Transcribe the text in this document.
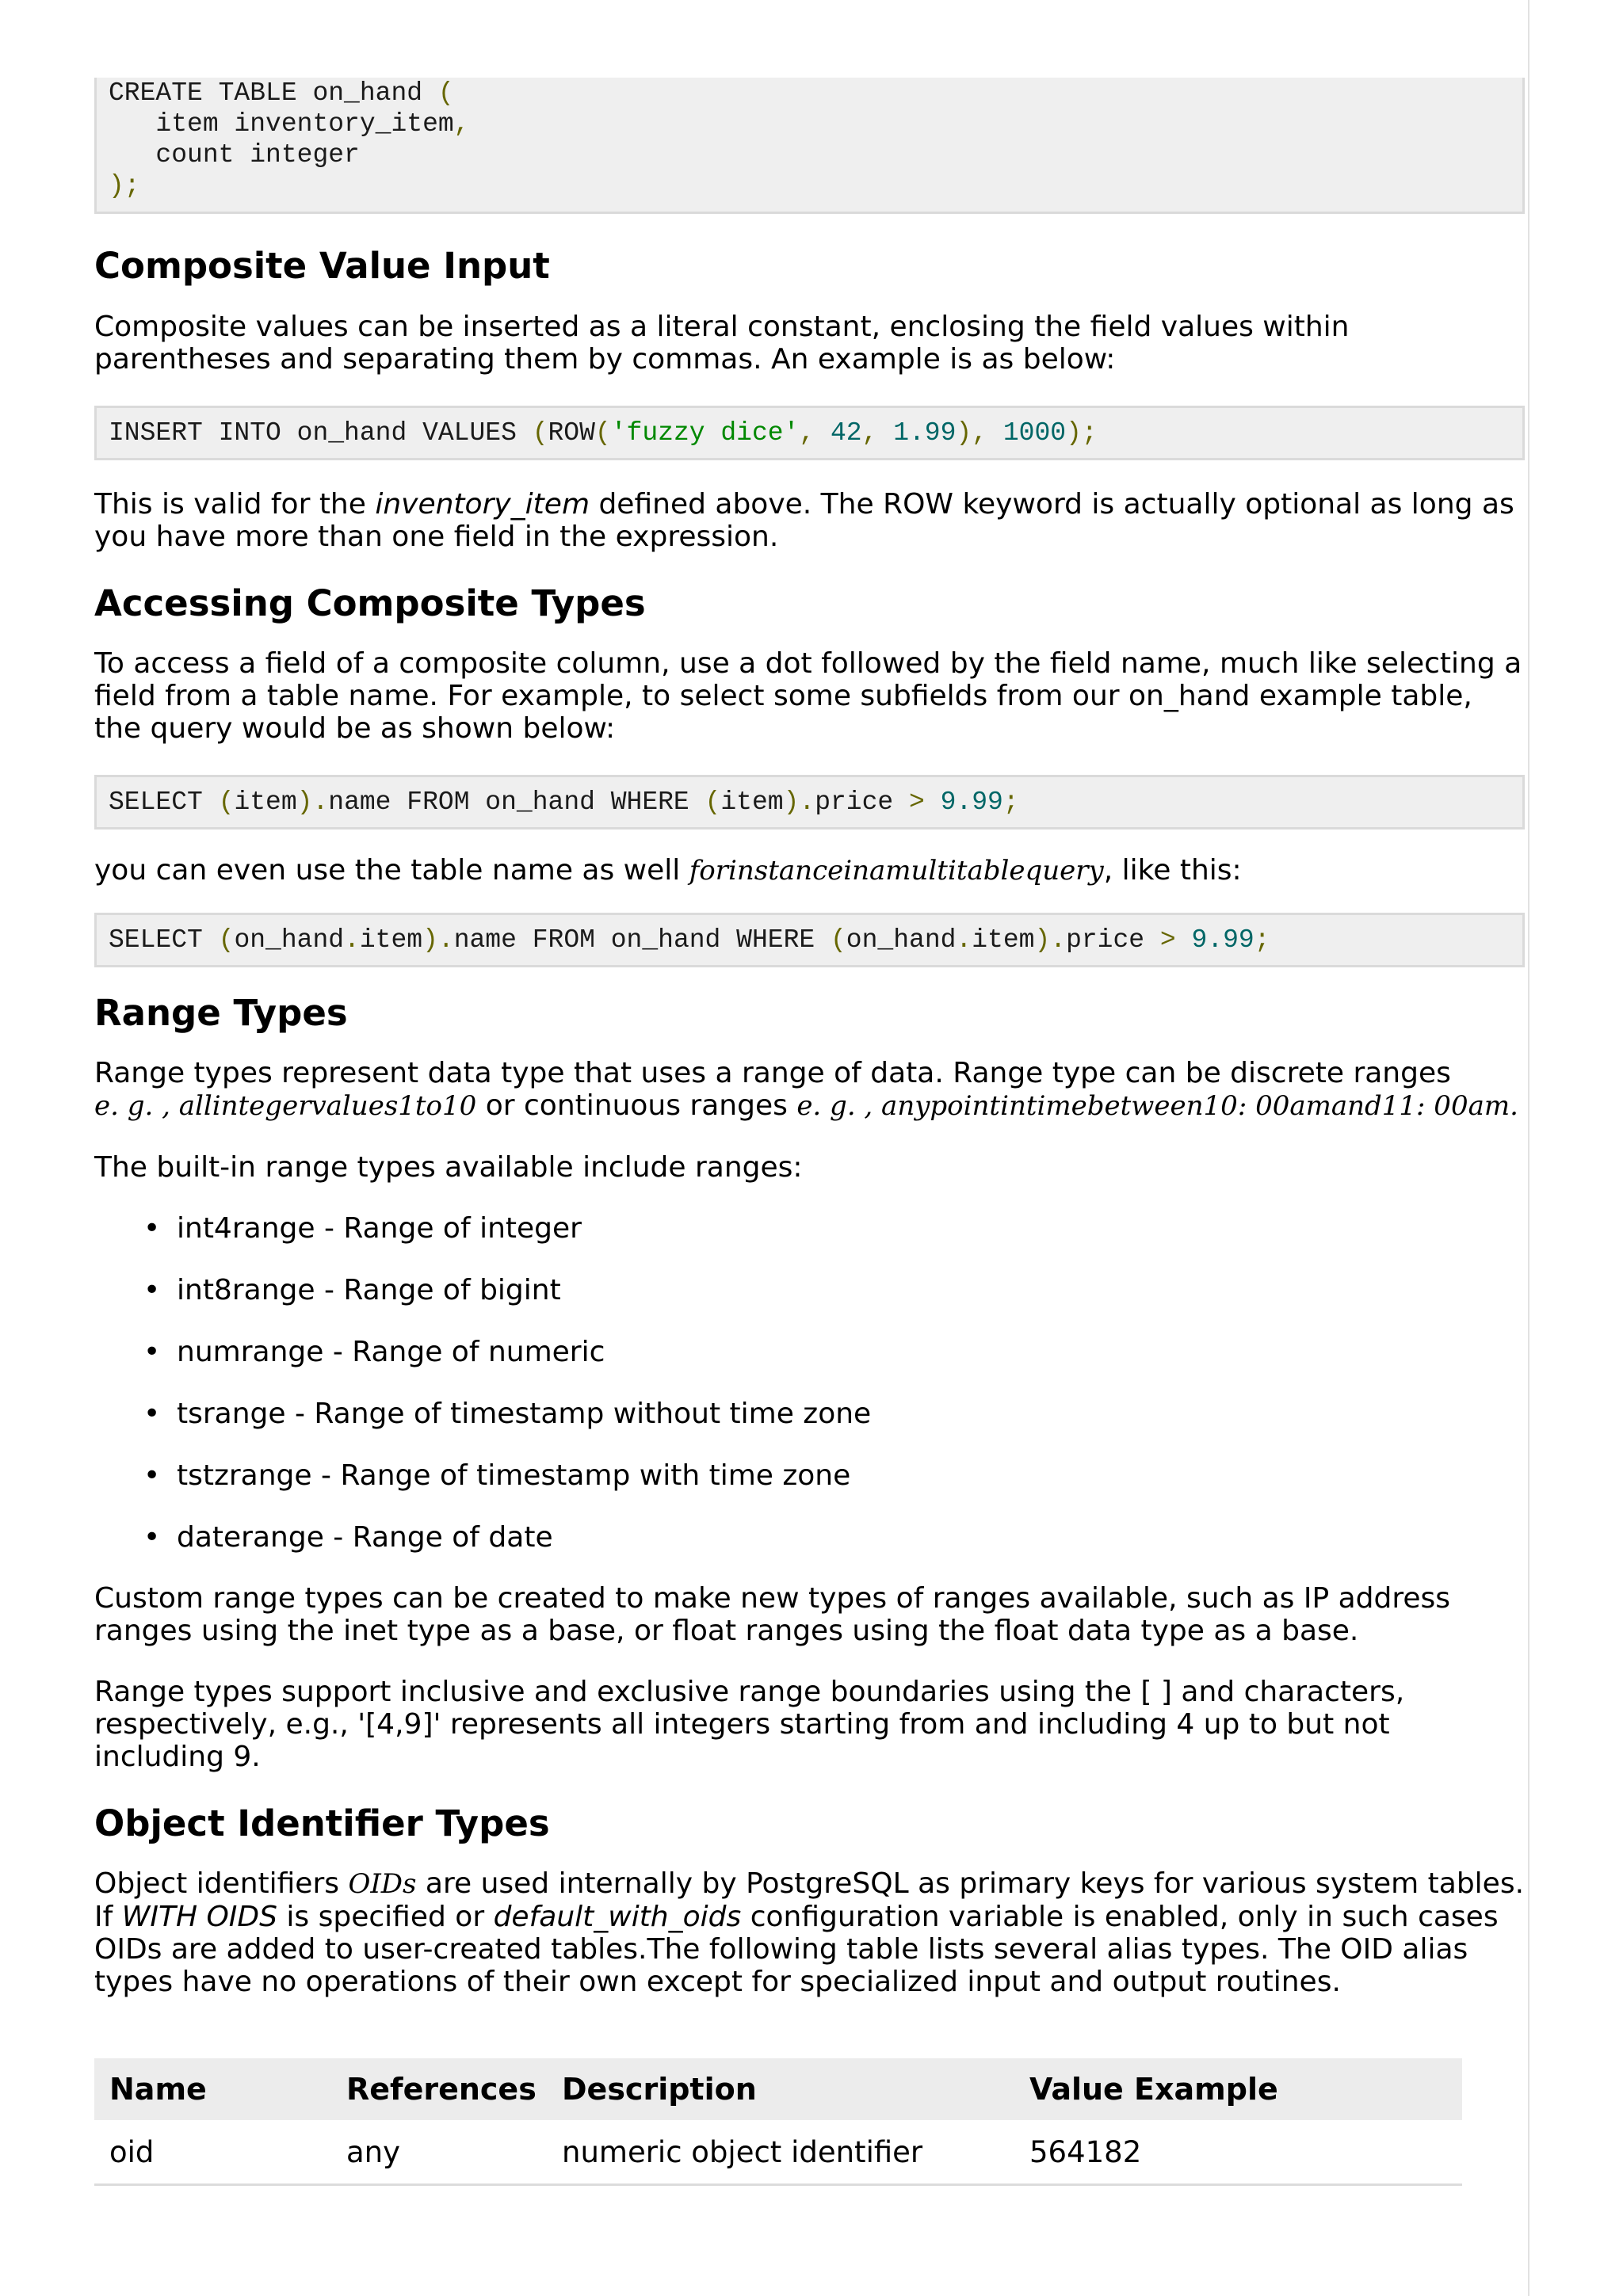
CREATE TABLE on_hand (
item inventory_item,
count integer
);
Composite Value Input

Composite values can be inserted as a literal constant, enclosing the field values within parentheses and separating them by commas. An example is as below:

INSERT INTO on_hand VALUES (ROW('fuzzy dice', 42, 1.99), 1000);

This is valid for the inventory_item defined above. The ROW keyword is actually optional as long as you have more than one field in the expression.

Accessing Composite Types

To access a field of a composite column, use a dot followed by the field name, much like selecting a field from a table name. For example, to select some subfields from our on_hand example table, the query would be as shown below:

SELECT (item).name FROM on_hand WHERE (item).price > 9.99;

you can even use the table name as well forinstanceinamultitablequery, like this:

SELECT (on_hand.item).name FROM on_hand WHERE (on_hand.item).price > 9.99;
Range Types

Range types represent data type that uses a range of data. Range type can be discrete ranges
e. g. , allintegervalues1to10 or continuous ranges e. g. , anypointintimebetween10: 00amand11: 00am.

The built-in range types available include ranges:

• int4range - Range of integer
• int8range - Range of bigint
• numrange - Range of numeric
• tsrange - Range of timestamp without time zone
• tstzrange - Range of timestamp with time zone
• daterange - Range of date

Custom range types can be created to make new types of ranges available, such as IP address ranges using the inet type as a base, or float ranges using the float data type as a base.

Range types support inclusive and exclusive range boundaries using the [ ] and characters, respectively, e.g., '[4,9]' represents all integers starting from and including 4 up to but not including 9.

Object Identifier Types

Object identifiers OIDs are used internally by PostgreSQL as primary keys for various system tables. If WITH OIDS is specified or default_with_oids configuration variable is enabled, only in such cases OIDs are added to user-created tables.The following table lists several alias types. The OID alias types have no operations of their own except for specialized input and output routines.

Name	References	Description	Value Example
oid	any	numeric object identifier	564182
